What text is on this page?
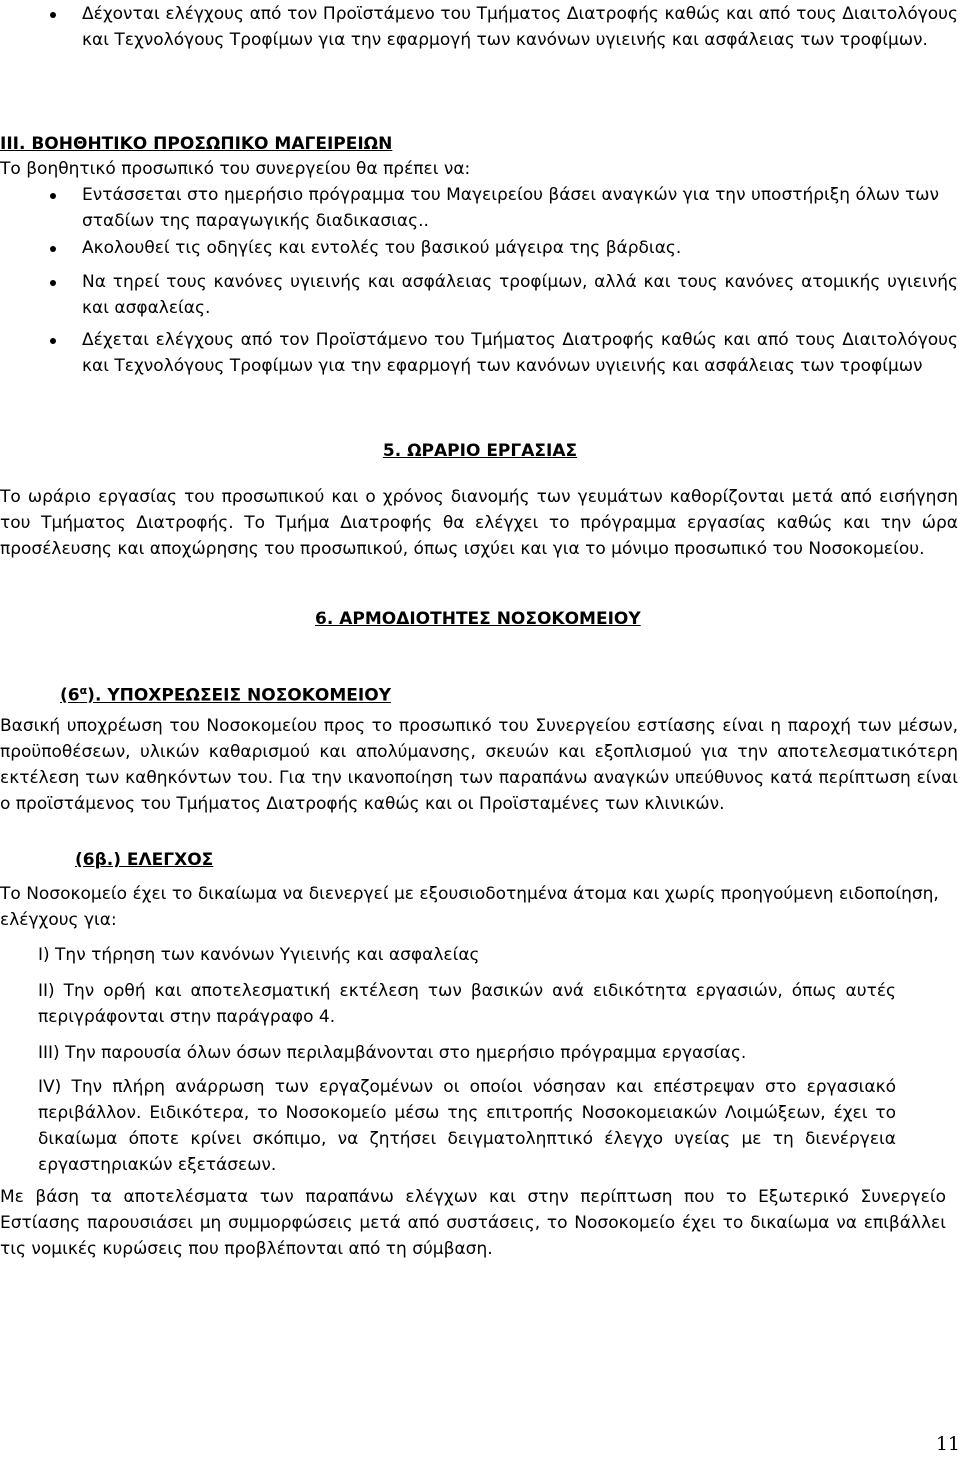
Δέχονται ελέγχους από τον Προϊστάμενο του Τμήματος Διατροφής καθώς και από τους Διαιτολόγους και Τεχνολόγους Τροφίμων για την εφαρμογή των κανόνων υγιεινής και ασφάλειας των τροφίμων.
ΙΙΙ. ΒΟΗΘΗΤΙΚΟ ΠΡΟΣΩΠΙΚΟ ΜΑΓΕΙΡΕΙΩΝ
Το βοηθητικό προσωπικό του συνεργείου θα πρέπει να:
Εντάσσεται στο ημερήσιο πρόγραμμα του Μαγειρείου βάσει αναγκών για την υποστήριξη όλων των σταδίων της παραγωγικής διαδικασιας..
Ακολουθεί τις οδηγίες και εντολές του βασικού μάγειρα της βάρδιας.
Να τηρεί τους κανόνες υγιεινής και ασφάλειας τροφίμων, αλλά και τους κανόνες ατομικής υγιεινής και ασφαλείας.
Δέχεται ελέγχους από τον Προϊστάμενο του Τμήματος Διατροφής καθώς και από τους Διαιτολόγους και Τεχνολόγους Τροφίμων για την εφαρμογή των κανόνων υγιεινής και ασφάλειας των τροφίμων
5. ΩΡΑΡΙΟ ΕΡΓΑΣΙΑΣ
Το ωράριο εργασίας του προσωπικού και ο χρόνος διανομής των γευμάτων καθορίζονται μετά από εισήγηση του Τμήματος Διατροφής. Το Τμήμα Διατροφής θα ελέγχει το πρόγραμμα εργασίας καθώς και την ώρα προσέλευσης και αποχώρησης του προσωπικού, όπως ισχύει και για το μόνιμο προσωπικό του Νοσοκομείου.
6. ΑΡΜΟΔΙΟΤΗΤΕΣ ΝΟΣΟΚΟΜΕΙΟΥ
$(6^\alpha)$. ΥΠΟΧΡΕΩΣΕΙΣ ΝΟΣΟΚΟΜΕΙΟΥ
Βασική υποχρέωση του Νοσοκομείου προς το προσωπικό του Συνεργείου εστίασης είναι η παροχή των μέσων, προϋποθέσεων, υλικών καθαρισμού και απολύμανσης, σκευών και εξοπλισμού για την αποτελεσματικότερη εκτέλεση των καθηκόντων του. Για την ικανοποίηση των παραπάνω αναγκών υπεύθυνος κατά περίπτωση είναι ο προϊστάμενος του Τμήματος Διατροφής καθώς και οι Προϊσταμένες των κλινικών.
(6β.) ΕΛΕΓΧΟΣ
Το Νοσοκομείο έχει το δικαίωμα να διενεργεί με εξουσιοδοτημένα άτομα και χωρίς προηγούμενη ειδοποίηση, ελέγχους για:
Ι) Την τήρηση των κανόνων Υγιεινής και ασφαλείας
ΙΙ) Την ορθή και αποτελεσματική εκτέλεση των βασικών ανά ειδικότητα εργασιών, όπως αυτές περιγράφονται στην παράγραφο 4.
ΙΙΙ) Την παρουσία όλων όσων περιλαμβάνονται στο ημερήσιο πρόγραμμα εργασίας.
IV) Την πλήρη ανάρρωση των εργαζομένων οι οποίοι νόσησαν και επέστρεψαν στο εργασιακό περιβάλλον. Ειδικότερα, το Νοσοκομείο μέσω της επιτροπής Νοσοκομειακών Λοιμώξεων, έχει το δικαίωμα όποτε κρίνει σκόπιμο, να ζητήσει δειγματοληπτικό έλεγχο υγείας με τη διενέργεια εργαστηριακών εξετάσεων.
Με βάση τα αποτελέσματα των παραπάνω ελέγχων και στην περίπτωση που το Εξωτερικό Συνεργείο Εστίασης παρουσιάσει μη συμμορφώσεις μετά από συστάσεις, το Νοσοκομείο έχει το δικαίωμα να επιβάλλει τις νομικές κυρώσεις που προβλέπονται από τη σύμβαση.
11
